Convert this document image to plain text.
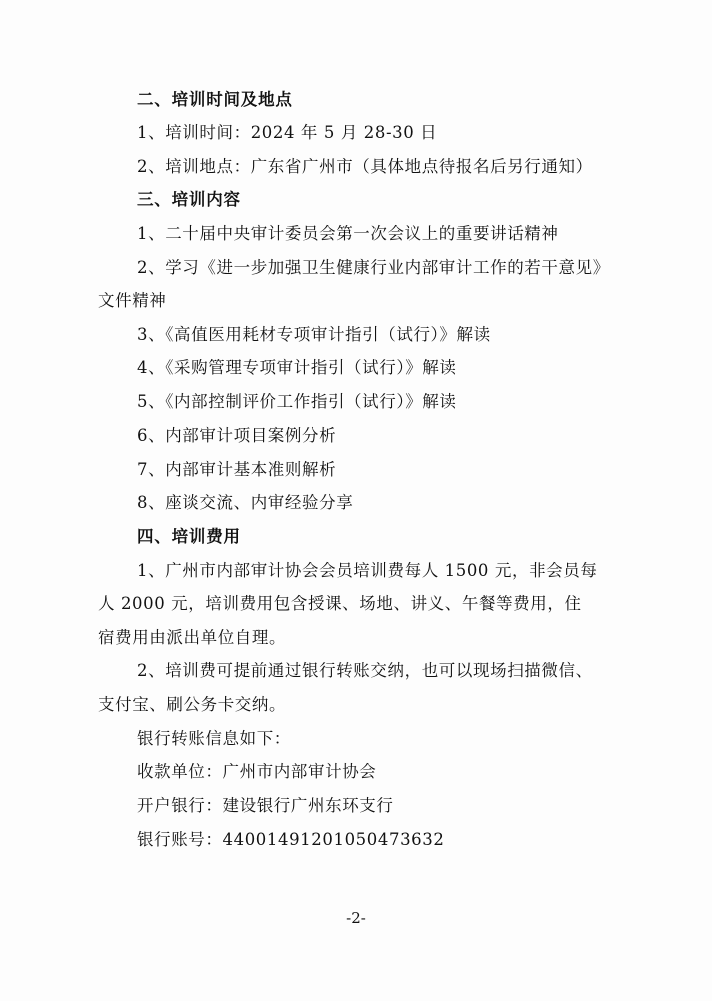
二、培训时间及地点
1、培训时间：2024 年 5 月 28-30 日
2、培训地点：广东省广州市（具体地点待报名后另行通知）
三、培训内容
1、二十届中央审计委员会第一次会议上的重要讲话精神
2、学习《进一步加强卫生健康行业内部审计工作的若干意见》
文件精神
3、《高值医用耗材专项审计指引（试行）》解读
4、《采购管理专项审计指引（试行）》解读
5、《内部控制评价工作指引（试行）》解读
6、内部审计项目案例分析
7、内部审计基本准则解析
8、座谈交流、内审经验分享
四、培训费用
1、广州市内部审计协会会员培训费每人 1500 元，非会员每
人 2000 元，培训费用包含授课、场地、讲义、午餐等费用，住
宿费用由派出单位自理。
2、培训费可提前通过银行转账交纳，也可以现场扫描微信、
支付宝、刷公务卡交纳。
银行转账信息如下：
收款单位：广州市内部审计协会
开户银行：建设银行广州东环支行
银行账号：44001491201050473632
-2-
